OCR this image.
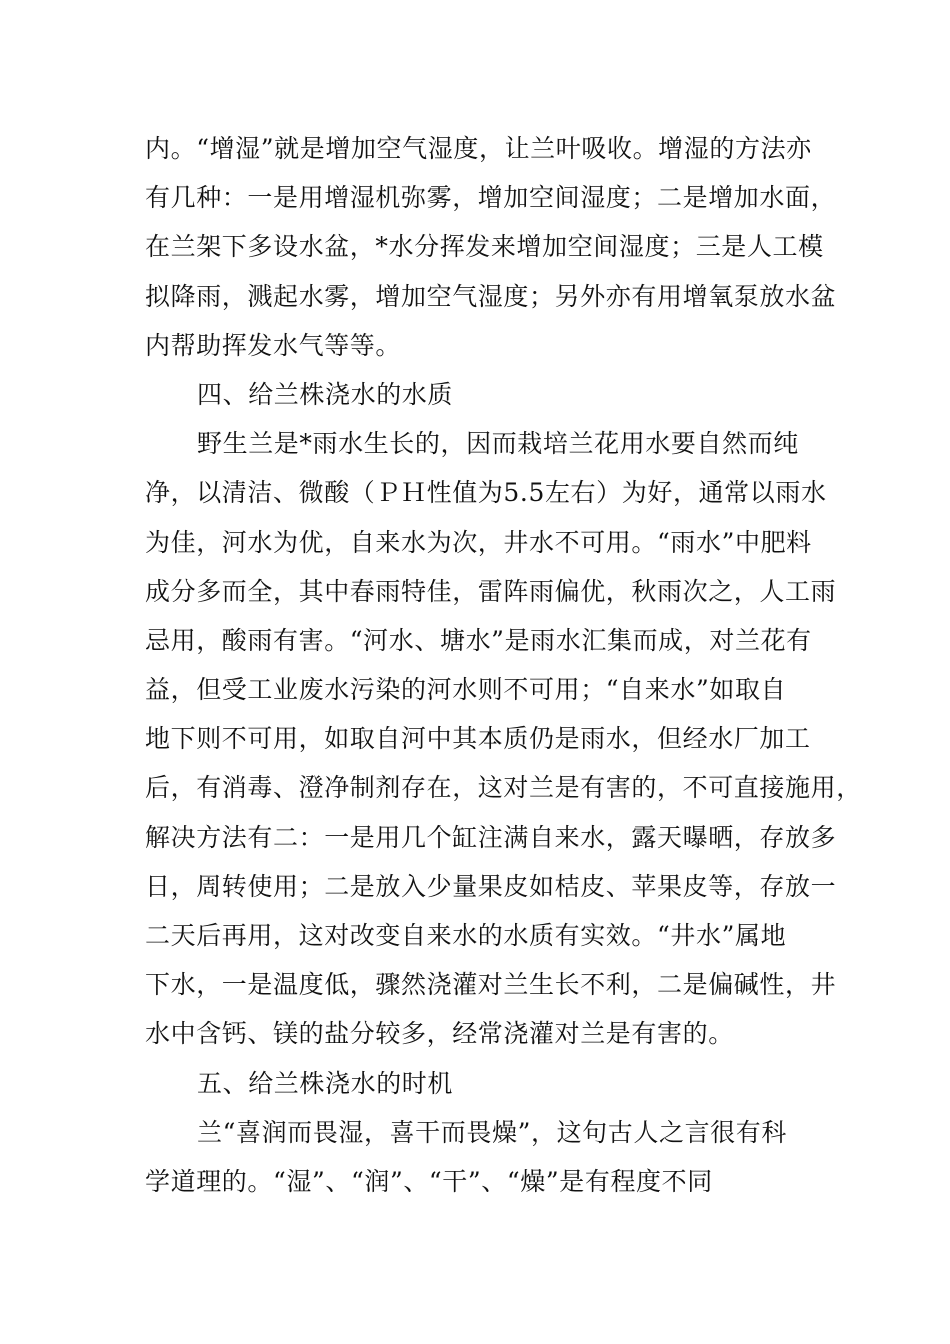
内。“增湿”就是增加空气湿度，让兰叶吸收。增湿的方法亦
有几种：一是用增湿机弥雾，增加空间湿度；二是增加水面，
在兰架下多设水盆，*水分挥发来增加空间湿度；三是人工模
拟降雨，溅起水雾，增加空气湿度；另外亦有用增氧泵放水盆
内帮助挥发水气等等。
四、给兰株浇水的水质
野生兰是*雨水生长的，因而栽培兰花用水要自然而纯
净，以清洁、微酸（ＰＨ性值为5.5左右）为好，通常以雨水
为佳，河水为优，自来水为次，井水不可用。“雨水”中肥料
成分多而全，其中春雨特佳，雷阵雨偏优，秋雨次之，人工雨
忌用，酸雨有害。“河水、塘水”是雨水汇集而成，对兰花有
益，但受工业废水污染的河水则不可用；“自来水”如取自
地下则不可用，如取自河中其本质仍是雨水，但经水厂加工
后，有消毒、澄净制剂存在，这对兰是有害的，不可直接施用，
解决方法有二：一是用几个缸注满自来水，露天曝晒，存放多
日，周转使用；二是放入少量果皮如桔皮、苹果皮等，存放一
二天后再用，这对改变自来水的水质有实效。“井水”属地
下水，一是温度低，骤然浇灌对兰生长不利，二是偏碱性，井
水中含钙、镁的盐分较多，经常浇灌对兰是有害的。
五、给兰株浇水的时机
兰“喜润而畏湿，喜干而畏燥”，这句古人之言很有科
学道理的。“湿”、“润”、“干”、“燥”是有程度不同
